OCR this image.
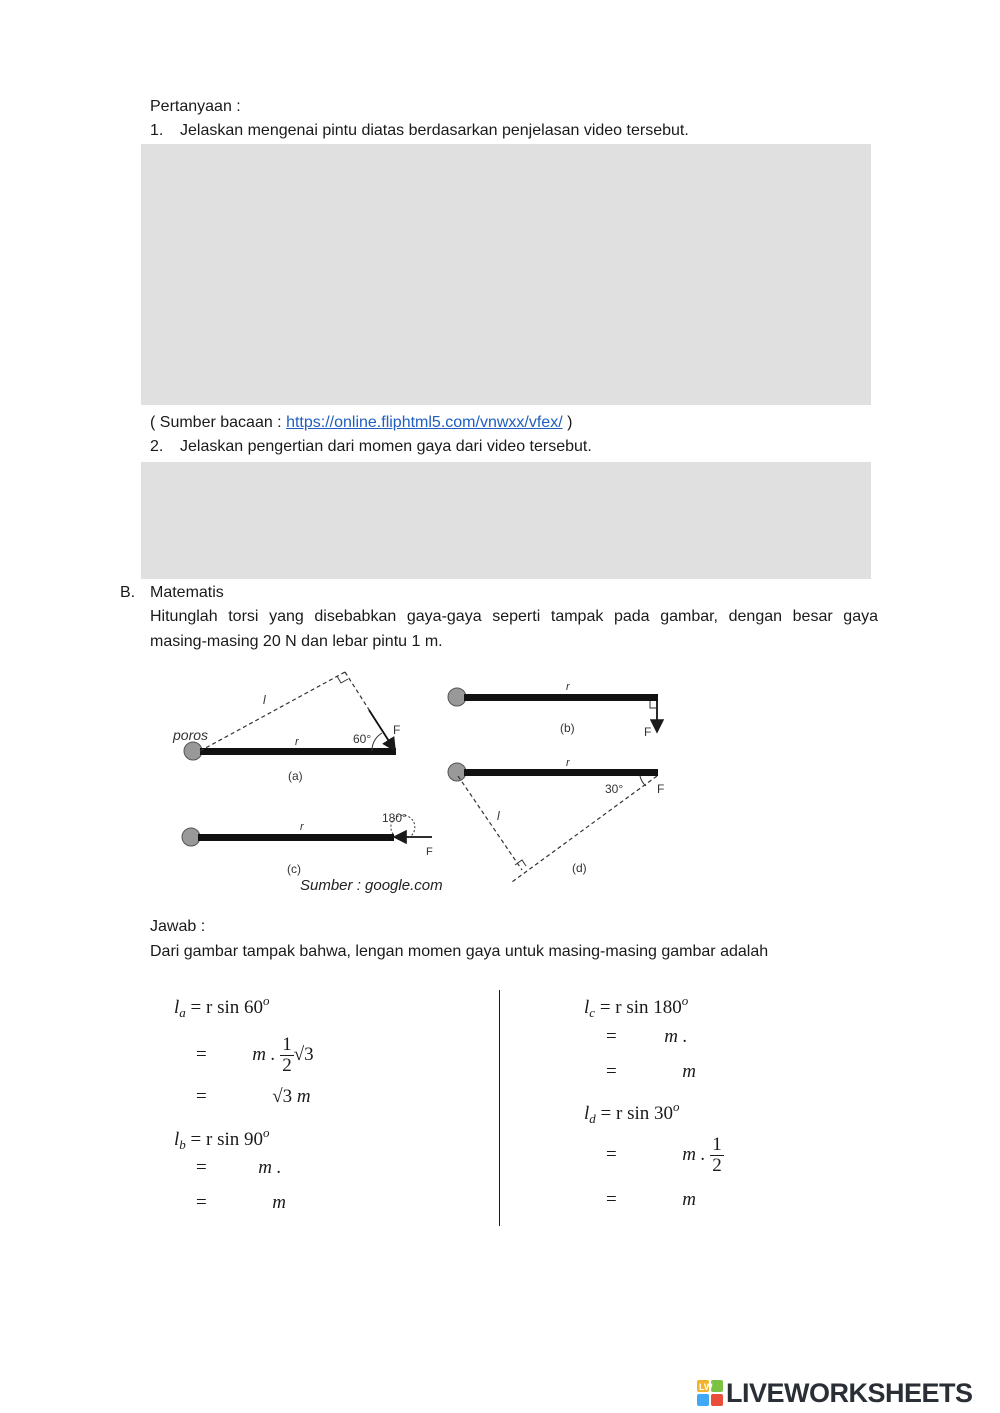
Pertanyaan :
1. Jelaskan mengenai pintu diatas berdasarkan penjelasan video tersebut.
( Sumber bacaan : https://online.fliphtml5.com/vnwxx/vfex/ )
2. Jelaskan pengertian dari momen gaya dari video tersebut.
B. Matematis
Hitunglah torsi yang disebabkan gaya-gaya seperti tampak pada gambar, dengan besar gaya
masing-masing 20 N dan lebar pintu 1 m.
poros	r
l
60°
F
(a)
r
(b)	F
r
180°
F
(c)
Sumber : google.com
r
l
30°	F
(d)
Jawab :
Dari gambar tampak bahwa, lengan momen gaya untuk masing-masing gambar adalah
$l_a = r$ $\sin 60^o$
= m . $\frac{1}{2} √3$
=	√3 m
$l_b = r$ $\sin 90^o$
=	m .
=	m
$l_c = r$ $\sin 180^o$
=	m .
=	m
$l_d = r$ $\sin 30^o$
=	m . $\frac{1}{2}$
=	m
LW LIVEWORKSHEETS
